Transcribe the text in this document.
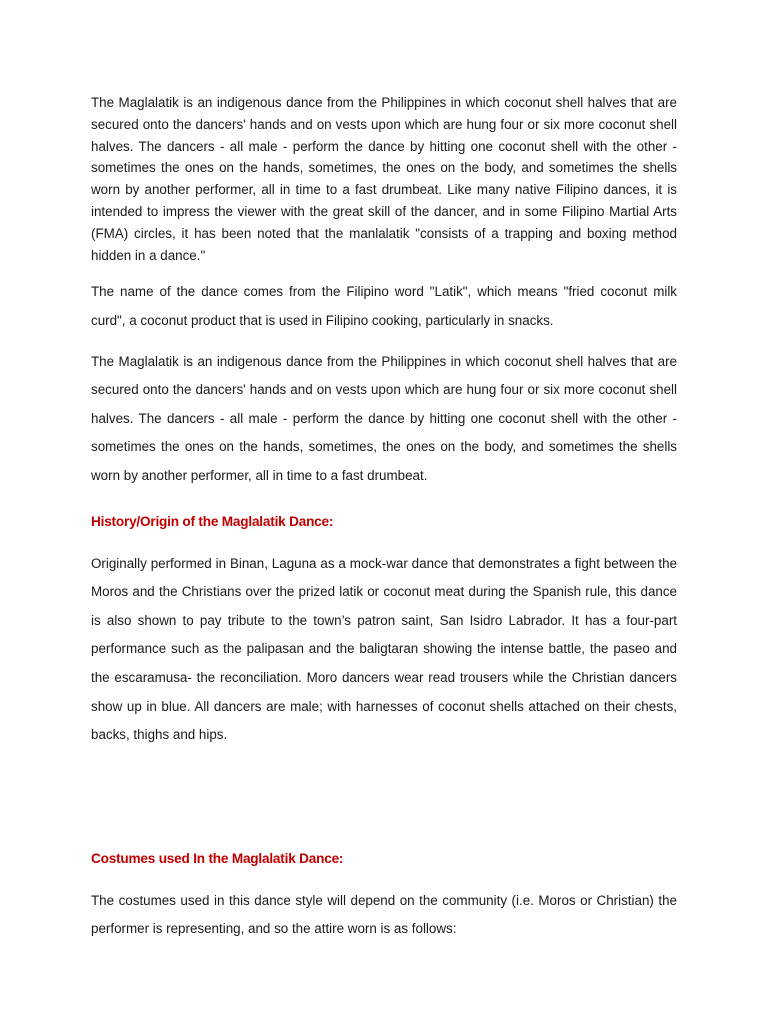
The Maglalatik is an indigenous dance from the Philippines in which coconut shell halves that are secured onto the dancers' hands and on vests upon which are hung four or six more coconut shell halves. The dancers - all male - perform the dance by hitting one coconut shell with the other - sometimes the ones on the hands, sometimes, the ones on the body, and sometimes the shells worn by another performer, all in time to a fast drumbeat. Like many native Filipino dances, it is intended to impress the viewer with the great skill of the dancer, and in some Filipino Martial Arts (FMA) circles, it has been noted that the manlalatik "consists of a trapping and boxing method hidden in a dance."

The name of the dance comes from the Filipino word "Latik", which means "fried coconut milk curd", a coconut product that is used in Filipino cooking, particularly in snacks.

The Maglalatik is an indigenous dance from the Philippines in which coconut shell halves that are secured onto the dancers' hands and on vests upon which are hung four or six more coconut shell halves. The dancers - all male - perform the dance by hitting one coconut shell with the other - sometimes the ones on the hands, sometimes, the ones on the body, and sometimes the shells worn by another performer, all in time to a fast drumbeat.

History/Origin of the Maglalatik Dance:

Originally performed in Binan, Laguna as a mock-war dance that demonstrates a fight between the Moros and the Christians over the prized latik or coconut meat during the Spanish rule, this dance is also shown to pay tribute to the town’s patron saint, San Isidro Labrador. It has a four-part performance such as the palipasan and the baligtaran showing the intense battle, the paseo and the escaramusa- the reconciliation. Moro dancers wear read trousers while the Christian dancers show up in blue. All dancers are male; with harnesses of coconut shells attached on their chests, backs, thighs and hips.

Costumes used In the Maglalatik Dance:

The costumes used in this dance style will depend on the community (i.e. Moros or Christian) the performer is representing, and so the attire worn is as follows:
